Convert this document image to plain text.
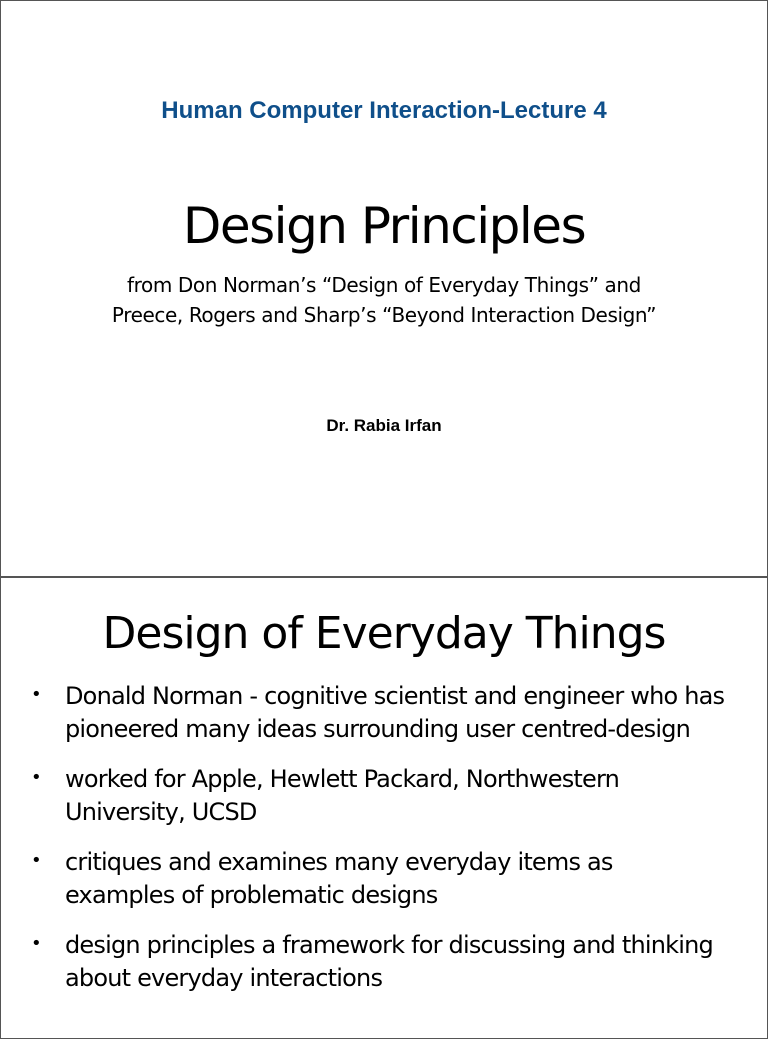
Human Computer Interaction-Lecture 4
Design Principles
from Don Norman’s “Design of Everyday Things” and
Preece, Rogers and Sharp’s “Beyond Interaction Design”
Dr. Rabia Irfan
Design of Everyday Things
• Donald Norman - cognitive scientist and engineer who has pioneered many ideas surrounding user centred-design
• worked for Apple, Hewlett Packard, Northwestern University, UCSD
• critiques and examines many everyday items as examples of problematic designs
• design principles a framework for discussing and thinking about everyday interactions
